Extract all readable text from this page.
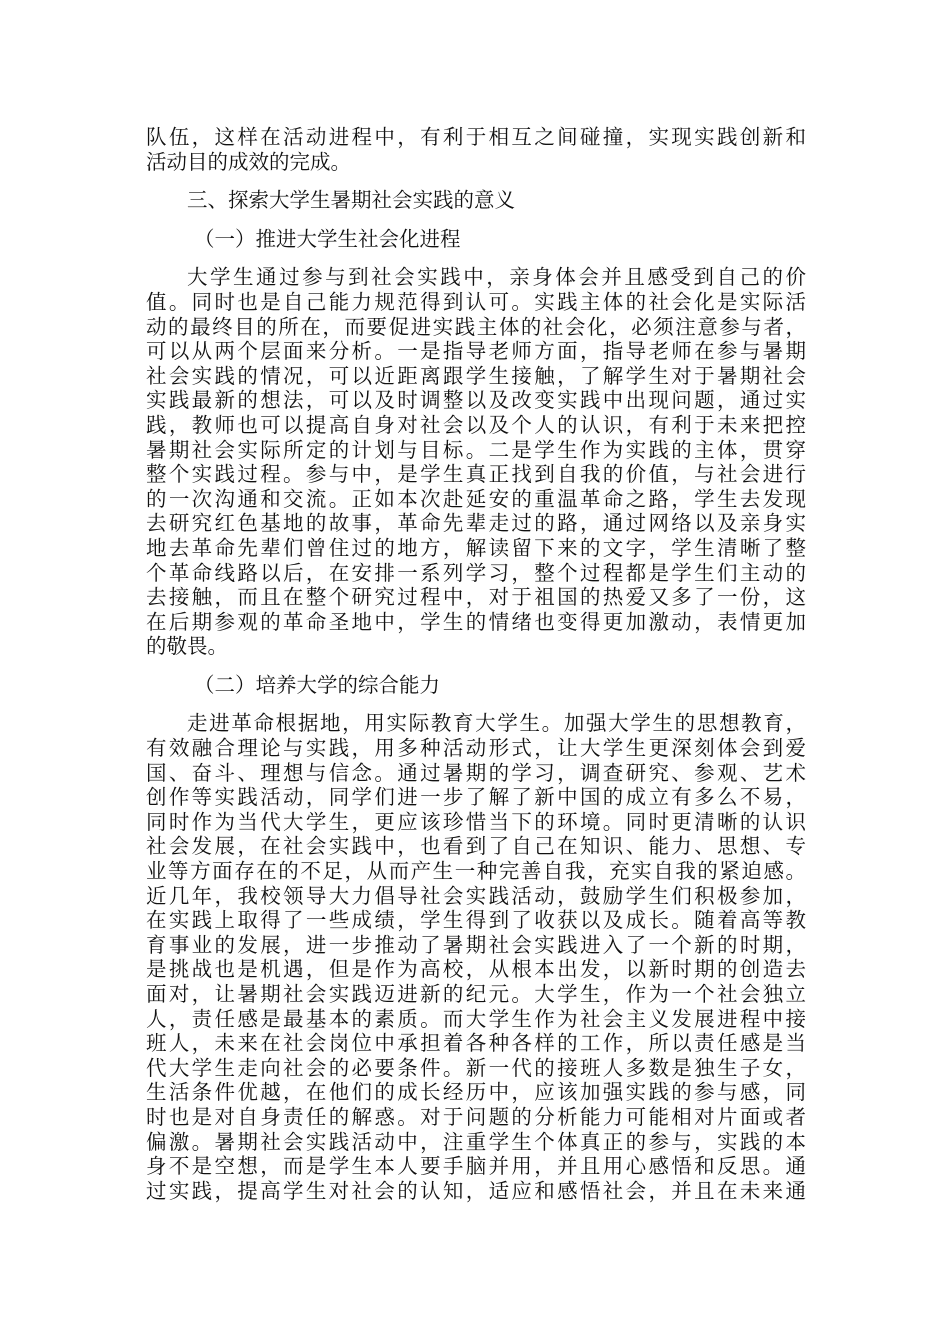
队伍，这样在活动进程中，有利于相互之间碰撞，实现实践创新和
活动目的成效的完成。
三、探索大学生暑期社会实践的意义
（一）推进大学生社会化进程
大学生通过参与到社会实践中，亲身体会并且感受到自己的价
值。同时也是自己能力规范得到认可。实践主体的社会化是实际活
动的最终目的所在，而要促进实践主体的社会化，必须注意参与者，
可以从两个层面来分析。一是指导老师方面，指导老师在参与暑期
社会实践的情况，可以近距离跟学生接触，了解学生对于暑期社会
实践最新的想法，可以及时调整以及改变实践中出现问题，通过实
践，教师也可以提高自身对社会以及个人的认识，有利于未来把控
暑期社会实际所定的计划与目标。二是学生作为实践的主体，贯穿
整个实践过程。参与中，是学生真正找到自我的价值，与社会进行
的一次沟通和交流。正如本次赴延安的重温革命之路，学生去发现
去研究红色基地的故事，革命先辈走过的路，通过网络以及亲身实
地去革命先辈们曾住过的地方，解读留下来的文字，学生清晰了整
个革命线路以后，在安排一系列学习，整个过程都是学生们主动的
去接触，而且在整个研究过程中，对于祖国的热爱又多了一份，这
在后期参观的革命圣地中，学生的情绪也变得更加激动，表情更加
的敬畏。
（二）培养大学的综合能力
走进革命根据地，用实际教育大学生。加强大学生的思想教育，
有效融合理论与实践，用多种活动形式，让大学生更深刻体会到爱
国、奋斗、理想与信念。通过暑期的学习，调查研究、参观、艺术
创作等实践活动，同学们进一步了解了新中国的成立有多么不易，
同时作为当代大学生，更应该珍惜当下的环境。同时更清晰的认识
社会发展，在社会实践中，也看到了自己在知识、能力、思想、专
业等方面存在的不足，从而产生一种完善自我，充实自我的紧迫感。
近几年，我校领导大力倡导社会实践活动，鼓励学生们积极参加，
在实践上取得了一些成绩，学生得到了收获以及成长。随着高等教
育事业的发展，进一步推动了暑期社会实践进入了一个新的时期，
是挑战也是机遇，但是作为高校，从根本出发，以新时期的创造去
面对，让暑期社会实践迈进新的纪元。大学生，作为一个社会独立
人，责任感是最基本的素质。而大学生作为社会主义发展进程中接
班人，未来在社会岗位中承担着各种各样的工作，所以责任感是当
代大学生走向社会的必要条件。新一代的接班人多数是独生子女，
生活条件优越，在他们的成长经历中，应该加强实践的参与感，同
时也是对自身责任的解惑。对于问题的分析能力可能相对片面或者
偏激。暑期社会实践活动中，注重学生个体真正的参与，实践的本
身不是空想，而是学生本人要手脑并用，并且用心感悟和反思。通
过实践，提高学生对社会的认知，适应和感悟社会，并且在未来通
